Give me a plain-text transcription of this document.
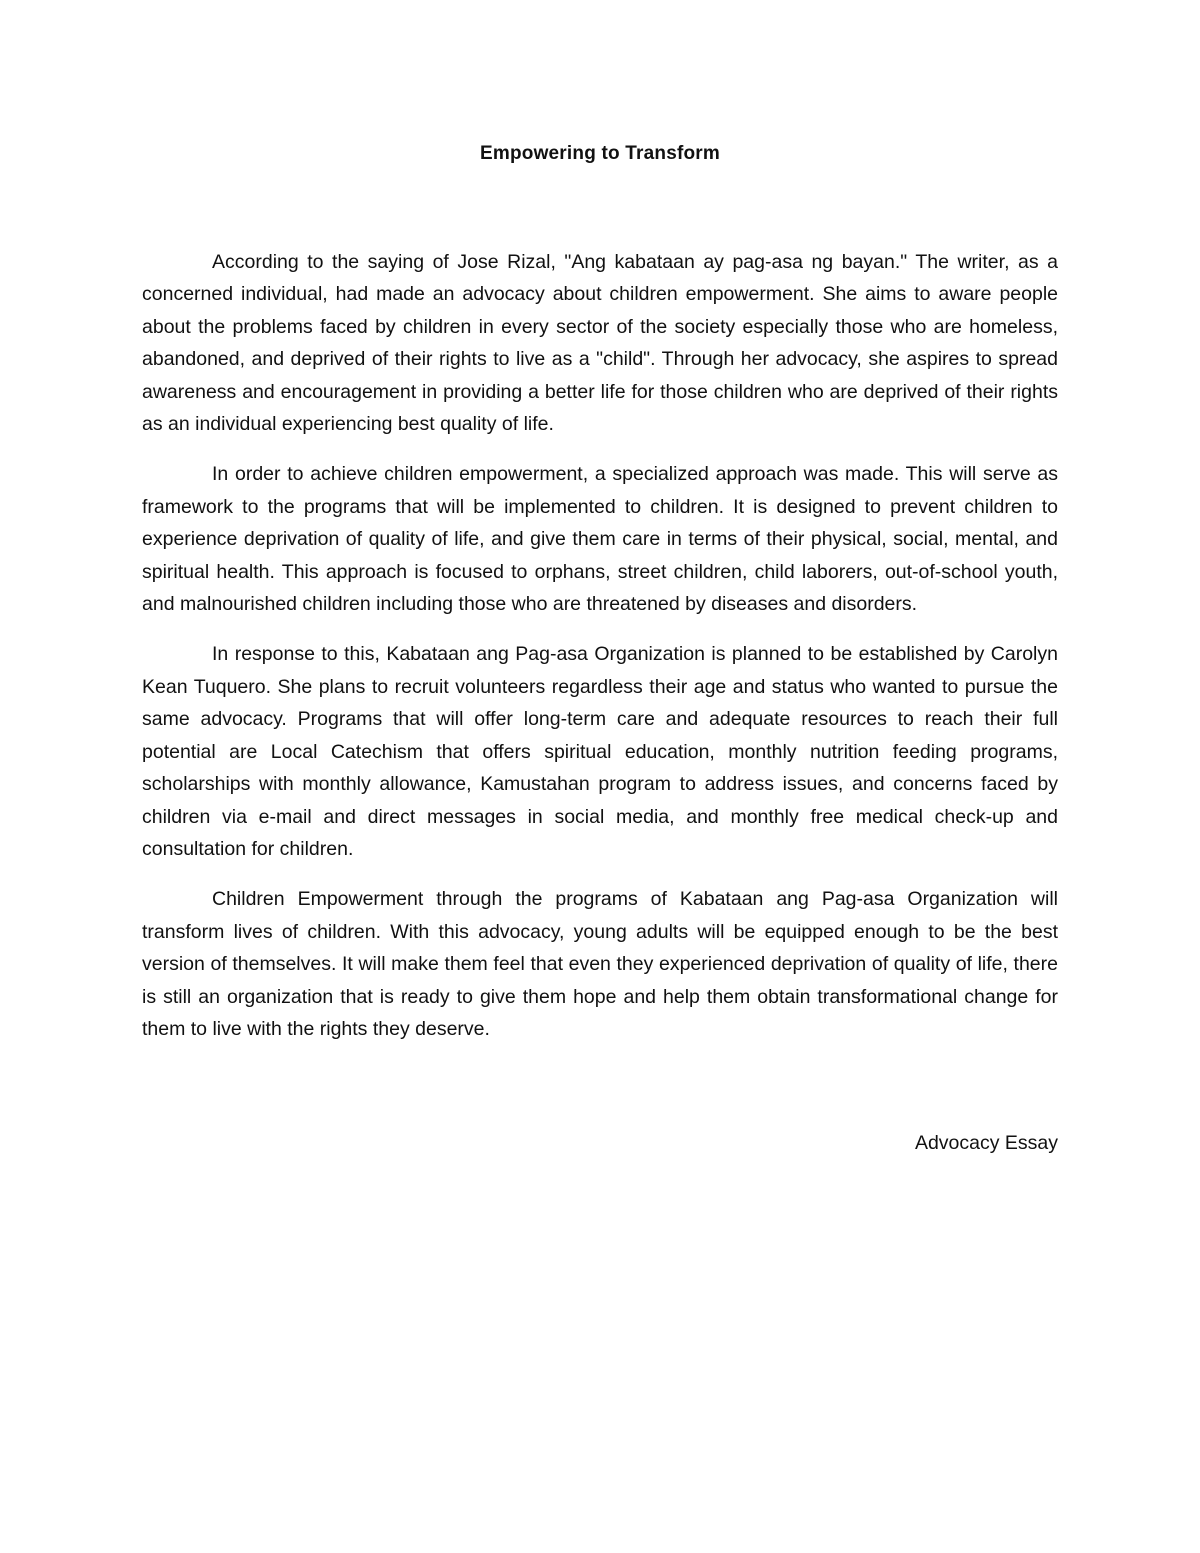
Empowering to Transform

According to the saying of Jose Rizal, "Ang kabataan ay pag-asa ng bayan." The writer, as a concerned individual, had made an advocacy about children empowerment. She aims to aware people about the problems faced by children in every sector of the society especially those who are homeless, abandoned, and deprived of their rights to live as a "child". Through her advocacy, she aspires to spread awareness and encouragement in providing a better life for those children who are deprived of their rights as an individual experiencing best quality of life.

In order to achieve children empowerment, a specialized approach was made. This will serve as framework to the programs that will be implemented to children. It is designed to prevent children to experience deprivation of quality of life, and give them care in terms of their physical, social, mental, and spiritual health. This approach is focused to orphans, street children, child laborers, out-of-school youth, and malnourished children including those who are threatened by diseases and disorders.

In response to this, Kabataan ang Pag-asa Organization is planned to be established by Carolyn Kean Tuquero. She plans to recruit volunteers regardless their age and status who wanted to pursue the same advocacy. Programs that will offer long-term care and adequate resources to reach their full potential are Local Catechism that offers spiritual education, monthly nutrition feeding programs, scholarships with monthly allowance, Kamustahan program to address issues, and concerns faced by children via e-mail and direct messages in social media, and monthly free medical check-up and consultation for children.

Children Empowerment through the programs of Kabataan ang Pag-asa Organization will transform lives of children. With this advocacy, young adults will be equipped enough to be the best version of themselves. It will make them feel that even they experienced deprivation of quality of life, there is still an organization that is ready to give them hope and help them obtain transformational change for them to live with the rights they deserve.

Advocacy Essay
